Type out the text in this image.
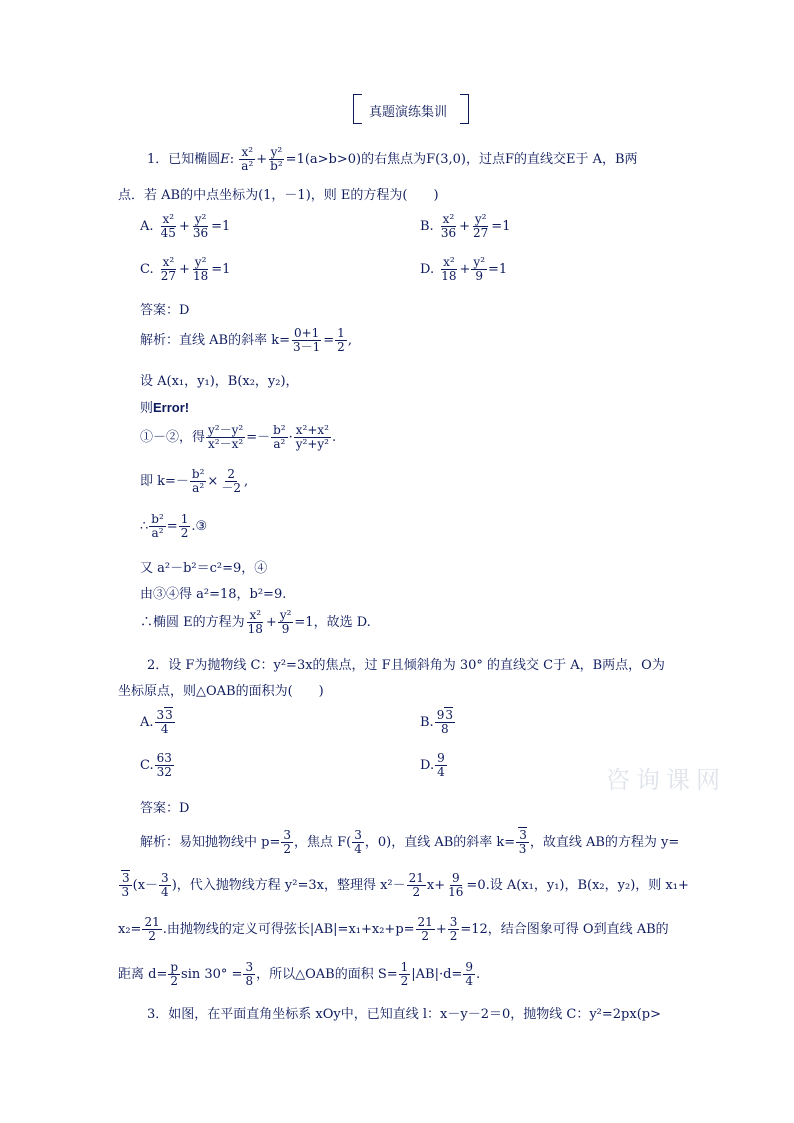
真题演练集训
咨询课网
1．已知椭圆E: $\frac{\text{x²}}{\text{a²}} + \frac{\text{y²}}{\text{b²}} =1(a>b>0)$的右焦点为F(3,0)，过点F的直线交E于 A，B两
点．若 AB的中点坐标为(1，－1)，则 E的方程为(　　)
A. $\frac{\text{x²}}{45} + \frac{\text{y²}}{36} =1$	B. $\frac{\text{x²}}{36} + \frac{\text{y²}}{27} =1$
C. $\frac{\text{x²}}{27} + \frac{\text{y²}}{18} =1$	D. $\frac{\text{x²}}{18} + \frac{\text{y²}}{9} =1$
答案：D
解析：直线 AB的斜率 $k= \frac{0+1}{3-1} = \frac{1}{2}$ ,
设 A(x₁，y₁)，B(x₂，y₂)，
则Error!
①－②，得 $\frac{\text{y²－y²}}{\text{x²－x²}} =- \frac{\text{b²}}{\text{a²}} \cdot \frac{\text{x²+x²}}{\text{y²+y²}}$ .
即 $k=- \frac{\text{b²}}{\text{a²}} \times \frac{2}{-2}$ ,
∴ $\frac{\text{b²}}{\text{a²}} = \frac{1}{2}$ .③
又 a²－b²＝c²=9，④
由③④得 a²=18，b²=9.
∴椭圆 E的方程为 $\frac{\text{x²}}{18} + \frac{\text{y²}}{9} =1$，故选 D.
2．设 F为抛物线 C：y²=3x的焦点，过 F且倾斜角为 30° 的直线交 C于 A，B两点，O为
坐标原点，则△OAB的面积为(　　)
A. $\frac{33}{4}$	B. $\frac{93}{8}$
C. $\frac{63}{32}$	D. $\frac{9}{4}$
答案：D
解析：易知抛物线中 $p= \frac{3}{2}$ ，焦点 $F( \frac{3}{4}$ ，0)，直线 AB的斜率 $k= \frac{3}{3}$ ，故直线 AB的方程为 y=
$\frac{3}{3} (x- \frac{3}{4}$ )，代入抛物线方程 y²=3x，整理得 $x^2- \frac{21}{2} x+ \frac{9}{16} =0$.设 A(x₁，y₁)，B(x₂，y₂)，则 x₁+
$x_2= \frac{21}{2}$ .由抛物线的定义可得弦长$|AB|=x_1+x_2+p= \frac{21}{2} + \frac{3}{2} =12$，结合图象可得 O到直线 AB的
距离 $d= \frac{p}{2}$ $\sin 30^\circ = \frac{3}{8}$ ，所以△OAB的面积 $S= \frac{1}{2} |AB|\cdot d= \frac{9}{4}$ .
3．如图，在平面直角坐标系 xOy中，已知直线 l：x－y－2＝0，抛物线 C：y²=2px(p>
